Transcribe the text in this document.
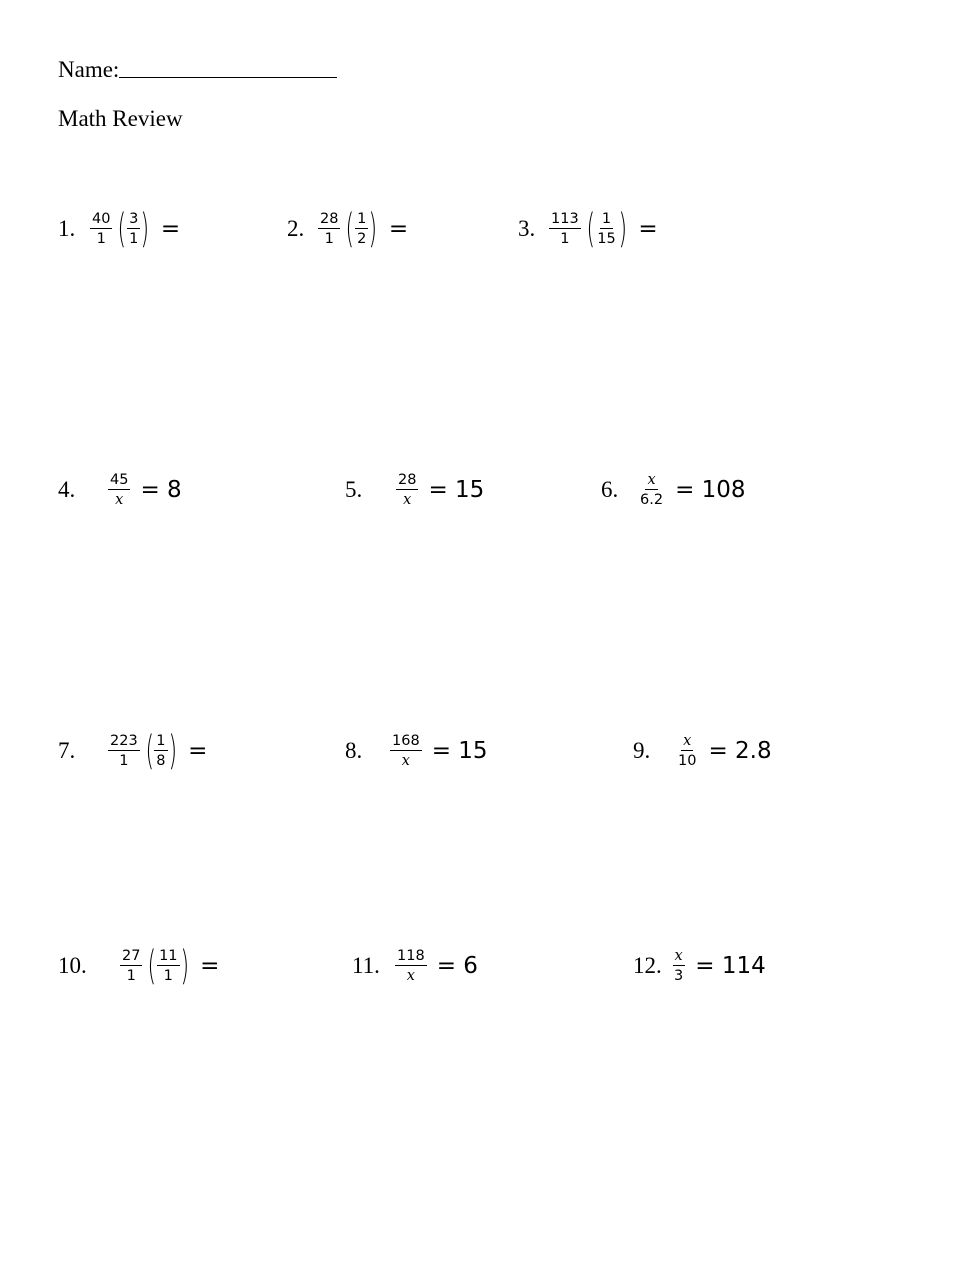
Name:
Math Review
1. $\frac{40}{1}$ ( $\frac{3}{1}$ ) =	2. $\frac{28}{1}$ ( $\frac{1}{2}$ ) =	3. $\frac{113}{1}$ ( $\frac{1}{15}$ ) =
4. $\frac{45}{x} = 8$	5. $\frac{28}{x} = 15$	6. $\frac{x}{6.2} = 108$
7. $\frac{223}{1}$ ( $\frac{1}{8}$ ) =	8. $\frac{168}{x} = 15$	9. $\frac{x}{10} = 2.8$
10. $\frac{27}{1}$ ( $\frac{11}{1}$ ) =	11. $\frac{118}{x} = 6$	12. $\frac{x}{3} = 114$
